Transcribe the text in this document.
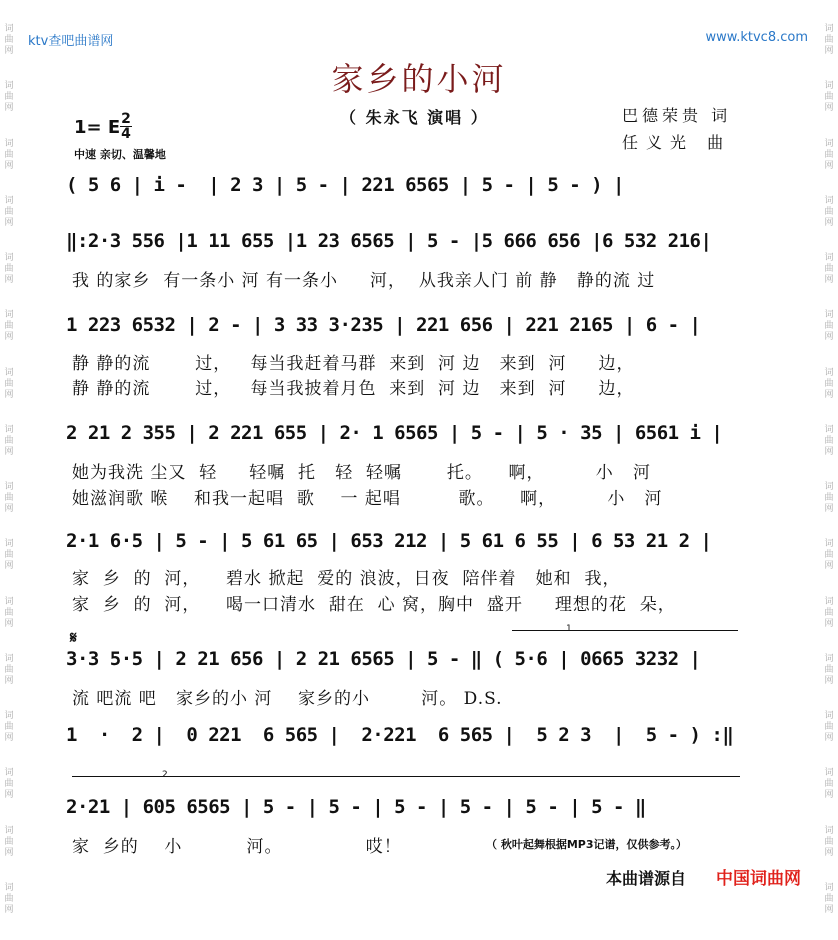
词
曲
网
词
曲
网
词
曲
网
词
曲
网
词
曲
网
词
曲
网
词
曲
网
词
曲
网
词
曲
网
词
曲
网
词
曲
网
词
曲
网
词
曲
网
词
曲
网
词
曲
网
词
曲
网
词
曲
网
词
曲
网
词
曲
网
词
曲
网
词
曲
网
词
曲
网
词
曲
网
词
曲
网
词
曲
网
词
曲
网
词
曲
网
词
曲
网
词
曲
网
词
曲
网
词
曲
网
词
曲
网
ktv查吧曲谱网	www.ktvc8.com
家乡的小河
（ 朱永飞 演唱 ）	巴德荣贵 词
任义光 曲
1= E 2
4
中速 亲切、温馨地
( 5 6 | i -  | 2 3 | 5 - | 221 6565 | 5 - | 5 - ) |
‖:2·3 556 |1 11 655 |1 23 6565 | 5 - |5 666 656 |6 532 216|
我 的家乡  有一条小 河 有一条小     河，  从我亲人门 前 静   静的流 过
1 223 6532 | 2 - | 3 33 3·235 | 221 656 | 221 2165 | 6 - |
静 静的流       过，   每当我赶着马群  来到  河 边   来到  河     边，
静 静的流       过，   每当我披着月色  来到  河 边   来到  河     边，
2 21 2 355 | 2 221 655 | 2· 1 6565 | 5 - | 5 · 35 | 6561 i |
她为我洗 尘又  轻     轻嘱  托   轻  轻嘱       托。    啊，        小   河
她滋润歌 喉    和我一起唱  歌    一 起唱         歌。    啊，        小   河
2·1 6·5 | 5 - | 5 61 65 | 653 212 | 5 61 6 55 | 6 53 21 2 |
家  乡  的  河，    碧水 掀起  爱的 浪波，日夜  陪伴着   她和  我，
家  乡  的  河，    喝一口清水  甜在  心 窝，胸中  盛开     理想的花  朵，
𝄋	1
3·3 5·5 | 2 21 656 | 2 21 6565 | 5 - ‖ ( 5·6 | 0665 3232 |
流 吧流 吧   家乡的小 河    家乡的小        河。 D.S.
1  ·  2 |  0 221  6 565 |  2·221  6 565 |  5 2 3  |  5 - ) :‖
2
2·21 | 605 6565 | 5 - | 5 - | 5 - | 5 - | 5 - | 5 - ‖
家  乡的    小          河。             哎！	（ 秋叶起舞根据MP3记谱，仅供参考。）
本曲谱源自 中国词曲网
